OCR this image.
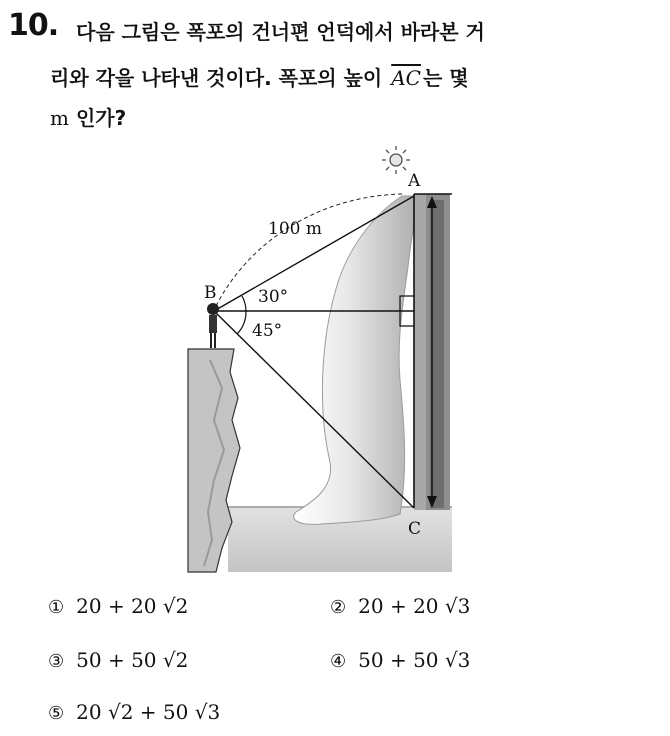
10. 다음 그림은 폭포의 건너편 언덕에서 바라본 거
리와 각을 나타낸 것이다. 폭포의 높이 $\overline{AC}$ 는 몇
m 인가?
A
B
C
100 m
30°
45°
① 20 + 20 √2	② 20 + 20 √3
③ 50 + 50 √2	④ 50 + 50 √3
⑤ 20 √2 + 50 √3
